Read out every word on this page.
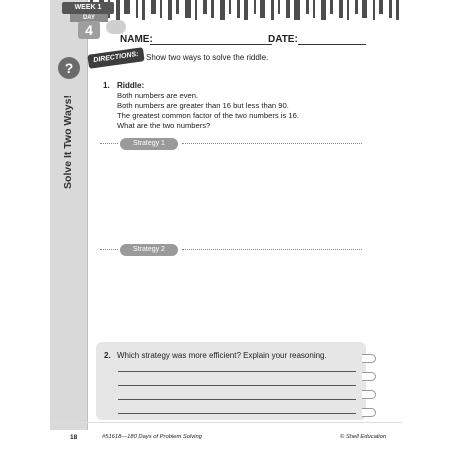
Solve It Two Ways!
WEEK 1
DAY
4
NAME:	DATE:
?
DIRECTIONS: Show two ways to solve the riddle.
1. Riddle:
Both numbers are even.
Both numbers are greater than 16 but less than 90.
The greatest common factor of the two numbers is 16.
What are the two numbers?
Strategy 1
Strategy 2
2. Which strategy was more efficient? Explain your reasoning.
18	#51618—180 Days of Problem Solving	© Shell Education
